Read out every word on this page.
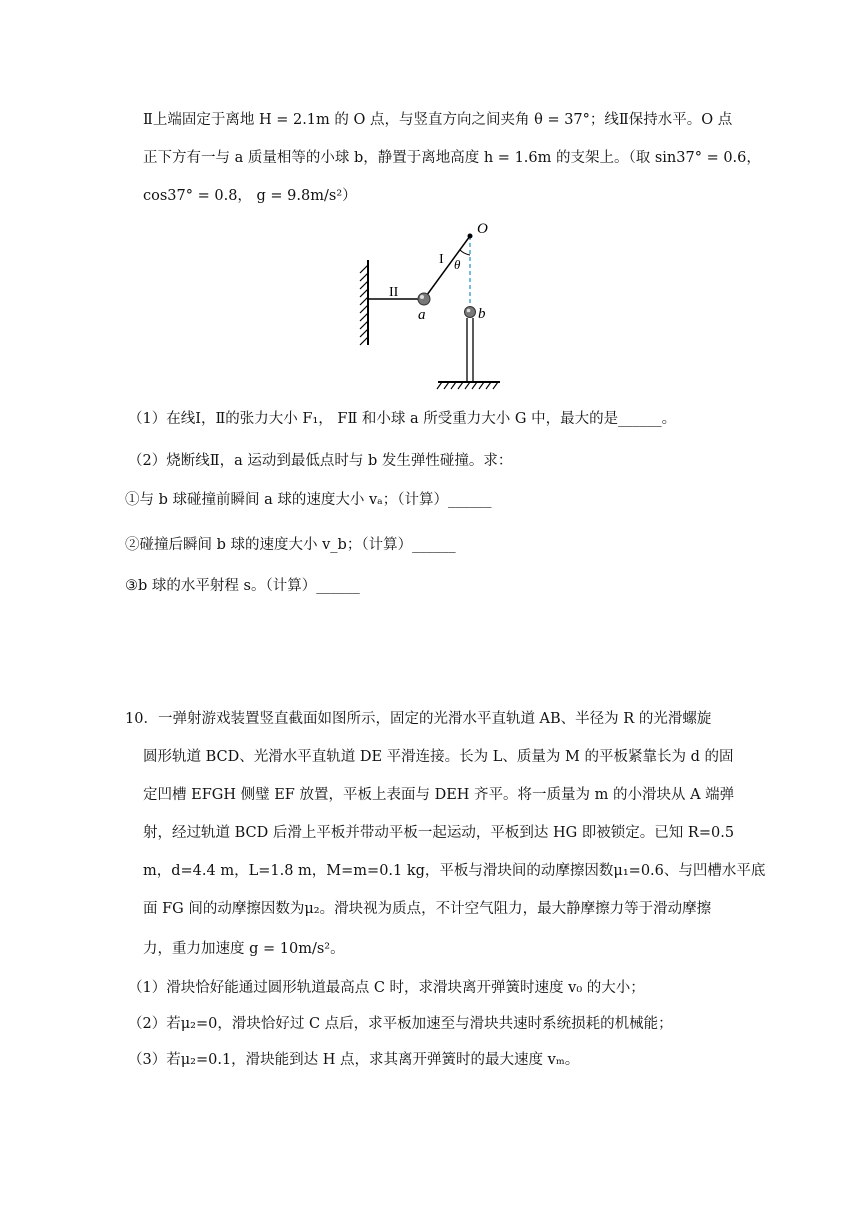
Ⅱ上端固定于离地 H = 2.1m 的 O 点，与竖直方向之间夹角 θ = 37°；线Ⅱ保持水平。O 点
正下方有一与 a 质量相等的小球 b，静置于离地高度 h = 1.6m 的支架上。（取 sin37° = 0.6，
cos37° = 0.8， g = 9.8m/s²）
O
I θ
II
a	b
（1）在线Ⅰ，Ⅱ的张力大小 F₁， FⅡ 和小球 a 所受重力大小 G 中，最大的是______。
（2）烧断线Ⅱ，a 运动到最低点时与 b 发生弹性碰撞。求：
①与 b 球碰撞前瞬间 a 球的速度大小 vₐ；（计算）______
②碰撞后瞬间 b 球的速度大小 v_b；（计算）______
③b 球的水平射程 s。（计算）______
10．一弹射游戏装置竖直截面如图所示，固定的光滑水平直轨道 AB、半径为 R 的光滑螺旋
圆形轨道 BCD、光滑水平直轨道 DE 平滑连接。长为 L、质量为 M 的平板紧靠长为 d 的固
定凹槽 EFGH 侧璧 EF 放置，平板上表面与 DEH 齐平。将一质量为 m 的小滑块从 A 端弹
射，经过轨道 BCD 后滑上平板并带动平板一起运动，平板到达 HG 即被锁定。已知 R=0.5
m，d=4.4 m，L=1.8 m，M=m=0.1 kg，平板与滑块间的动摩擦因数μ₁=0.6、与凹槽水平底
面 FG 间的动摩擦因数为μ₂。滑块视为质点，不计空气阻力，最大静摩擦力等于滑动摩擦
力，重力加速度 g = 10m/s²。
（1）滑块恰好能通过圆形轨道最高点 C 时，求滑块离开弹簧时速度 v₀ 的大小；
（2）若μ₂=0，滑块恰好过 C 点后，求平板加速至与滑块共速时系统损耗的机械能；
（3）若μ₂=0.1，滑块能到达 H 点，求其离开弹簧时的最大速度 vₘ。
